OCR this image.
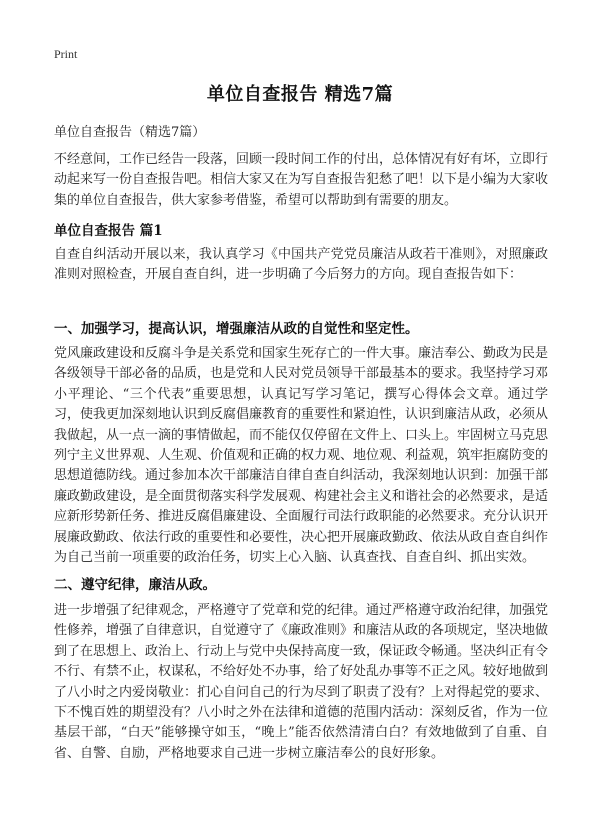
Print
单位自查报告 精选7篇
单位自查报告（精选7篇）

不经意间，工作已经告一段落，回顾一段时间工作的付出，总体情况有好有坏，立即行动起来写一份自查报告吧。相信大家又在为写自查报告犯愁了吧！以下是小编为大家收集的单位自查报告，供大家参考借鉴，希望可以帮助到有需要的朋友。

单位自查报告 篇1

自查自纠活动开展以来，我认真学习《中国共产党党员廉洁从政若干准则》，对照廉政准则对照检查，开展自查自纠，进一步明确了今后努力的方向。现自查报告如下：

一、加强学习，提高认识，增强廉洁从政的自觉性和坚定性。

党风廉政建设和反腐斗争是关系党和国家生死存亡的一件大事。廉洁奉公、勤政为民是各级领导干部必备的品质，也是党和人民对党员领导干部最基本的要求。我坚持学习邓小平理论、“三个代表”重要思想，认真记写学习笔记，撰写心得体会文章。通过学习，使我更加深刻地认识到反腐倡廉教育的重要性和紧迫性，认识到廉洁从政，必须从我做起，从一点一滴的事情做起，而不能仅仅停留在文件上、口头上。牢固树立马克思列宁主义世界观、人生观、价值观和正确的权力观、地位观、利益观，筑牢拒腐防变的思想道德防线。通过参加本次干部廉洁自律自查自纠活动，我深刻地认识到：加强干部廉政勤政建设，是全面贯彻落实科学发展观、构建社会主义和谐社会的必然要求，是适应新形势新任务、推进反腐倡廉建设、全面履行司法行政职能的必然要求。充分认识开展廉政勤政、依法行政的重要性和必要性，决心把开展廉政勤政、依法从政自查自纠作为自己当前一项重要的政治任务，切实上心入脑、认真查找、自查自纠、抓出实效。

二、遵守纪律，廉洁从政。

进一步增强了纪律观念，严格遵守了党章和党的纪律。通过严格遵守政治纪律，加强党性修养，增强了自律意识，自觉遵守了《廉政准则》和廉洁从政的各项规定，坚决地做到了在思想上、政治上、行动上与党中央保持高度一致，保证政令畅通。坚决纠正有令不行、有禁不止，权谋私，不给好处不办事，给了好处乱办事等不正之风。较好地做到了八小时之内爱岗敬业：扪心自问自己的行为尽到了职责了没有？上对得起党的要求、下不愧百姓的期望没有？八小时之外在法律和道德的范围内活动：深刻反省，作为一位基层干部，“白天”能够操守如玉，“晚上”能否依然清清白白？有效地做到了自重、自省、自警、自励，严格地要求自己进一步树立廉洁奉公的良好形象。
